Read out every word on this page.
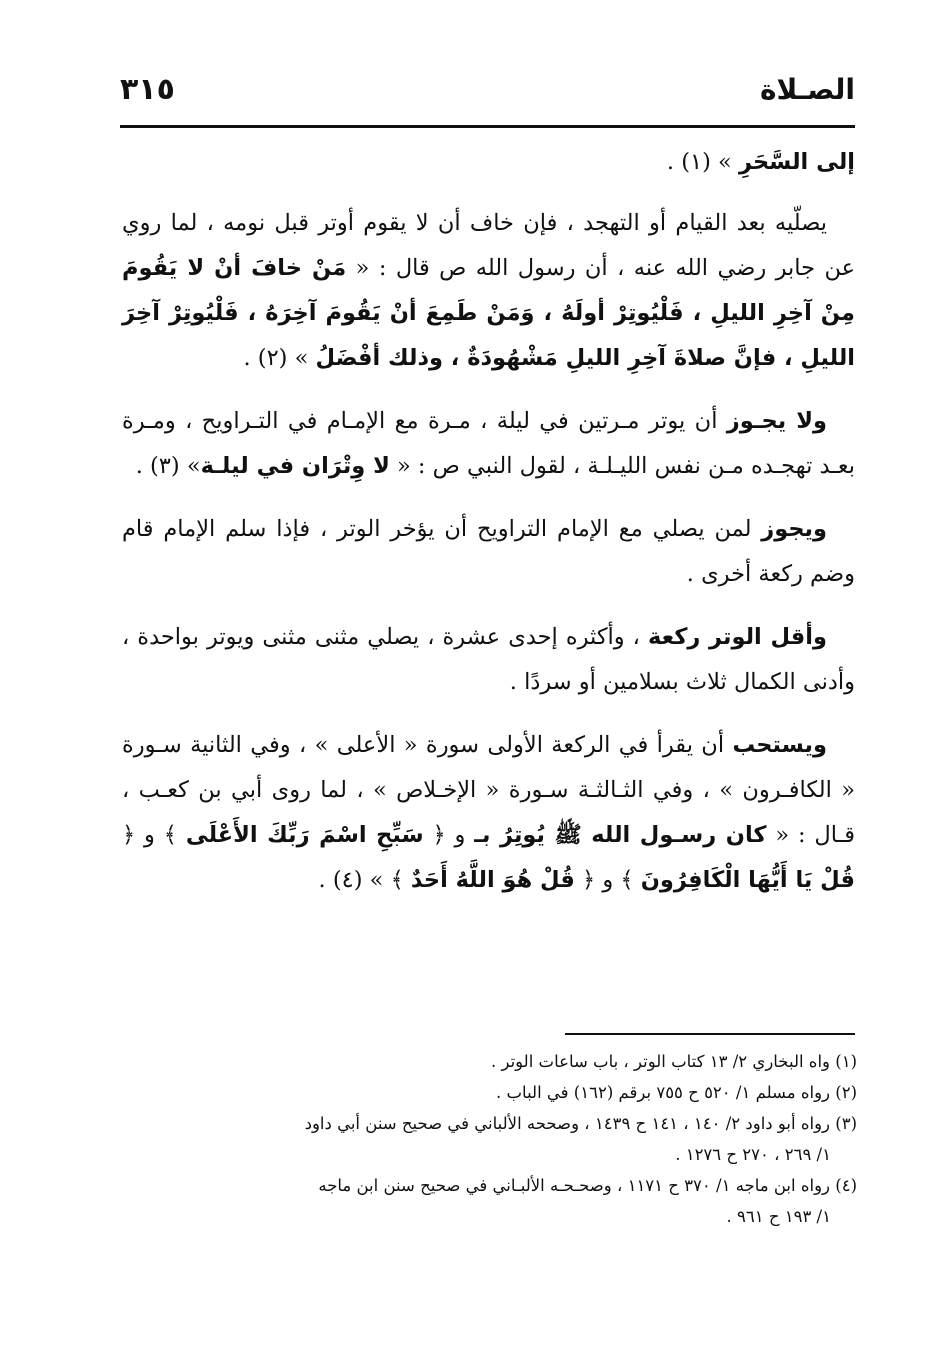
٣١٥	الصـلاة

إلى السَّحَرِ » (١) .

يصلّيه بعد القيام أو التهجد ، فإن خاف أن لا يقوم أوتر قبل نومه ، لما روي عن جابر رضي الله عنه ، أن رسول الله ص قال : « مَنْ خافَ أنْ لا يَقُومَ مِنْ آخِرِ الليلِ ، فَلْيُوتِرْ أولَهُ ، وَمَنْ طَمِعَ أنْ يَقُومَ آخِرَهُ ، فَلْيُوتِرْ آخِرَ الليلِ ، فإنَّ صلاةَ آخِرِ الليلِ مَشْهُودَةٌ ، وذلك أفْضَلُ » (٢) .

ولا يجـوز أن يوتر مـرتين في ليلة ، مـرة مع الإمـام في التـراويح ، ومـرة بعـد تهجـده مـن نفس الليـلـة ، لقول النبي ص : « لا وِتْرَان في ليلـة» (٣) .

ويجوز لمن يصلي مع الإمام التراويح أن يؤخر الوتر ، فإذا سلم الإمام قام وضم ركعة أخرى .

وأقل الوتر ركعة ، وأكثره إحدى عشرة ، يصلي مثنى مثنى ويوتر بواحدة ، وأدنى الكمال ثلاث بسلامين أو سردًا .

ويستحب أن يقرأ في الركعة الأولى سورة « الأعلى » ، وفي الثانية سـورة « الكافـرون » ، وفي الثـالثـة سـورة « الإخـلاص » ، لما روى أبي بن كعـب ، قـال : « كان رسـول الله ﷺ يُوتِرُ بـ و ﴿ سَبِّحِ اسْمَ رَبِّكَ الأَعْلَى ﴾ و ﴿ قُلْ يَا أَيُّهَا الْكَافِرُونَ ﴾ و ﴿ قُلْ هُوَ اللَّهُ أَحَدٌ ﴾ » (٤) .

(١) واه البخاري ٢/ ١٣ كتاب الوتر ، باب ساعات الوتر .

(٢) رواه مسلم ١/ ٥٢٠ ح ٧٥٥ برقم (١٦٢) في الباب .

(٣) رواه أبو داود ٢/ ١٤٠ ، ١٤١ ح ١٤٣٩ ، وصححه الألباني في صحيح سنن أبي داود

١/ ٢٦٩ ، ٢٧٠ ح ١٢٧٦ .

(٤) رواه ابن ماجه ١/ ٣٧٠ ح ١١٧١ ، وصحـحـه الألبـاني في صحيح سنن ابن ماجه

١/ ١٩٣ ح ٩٦١ .
